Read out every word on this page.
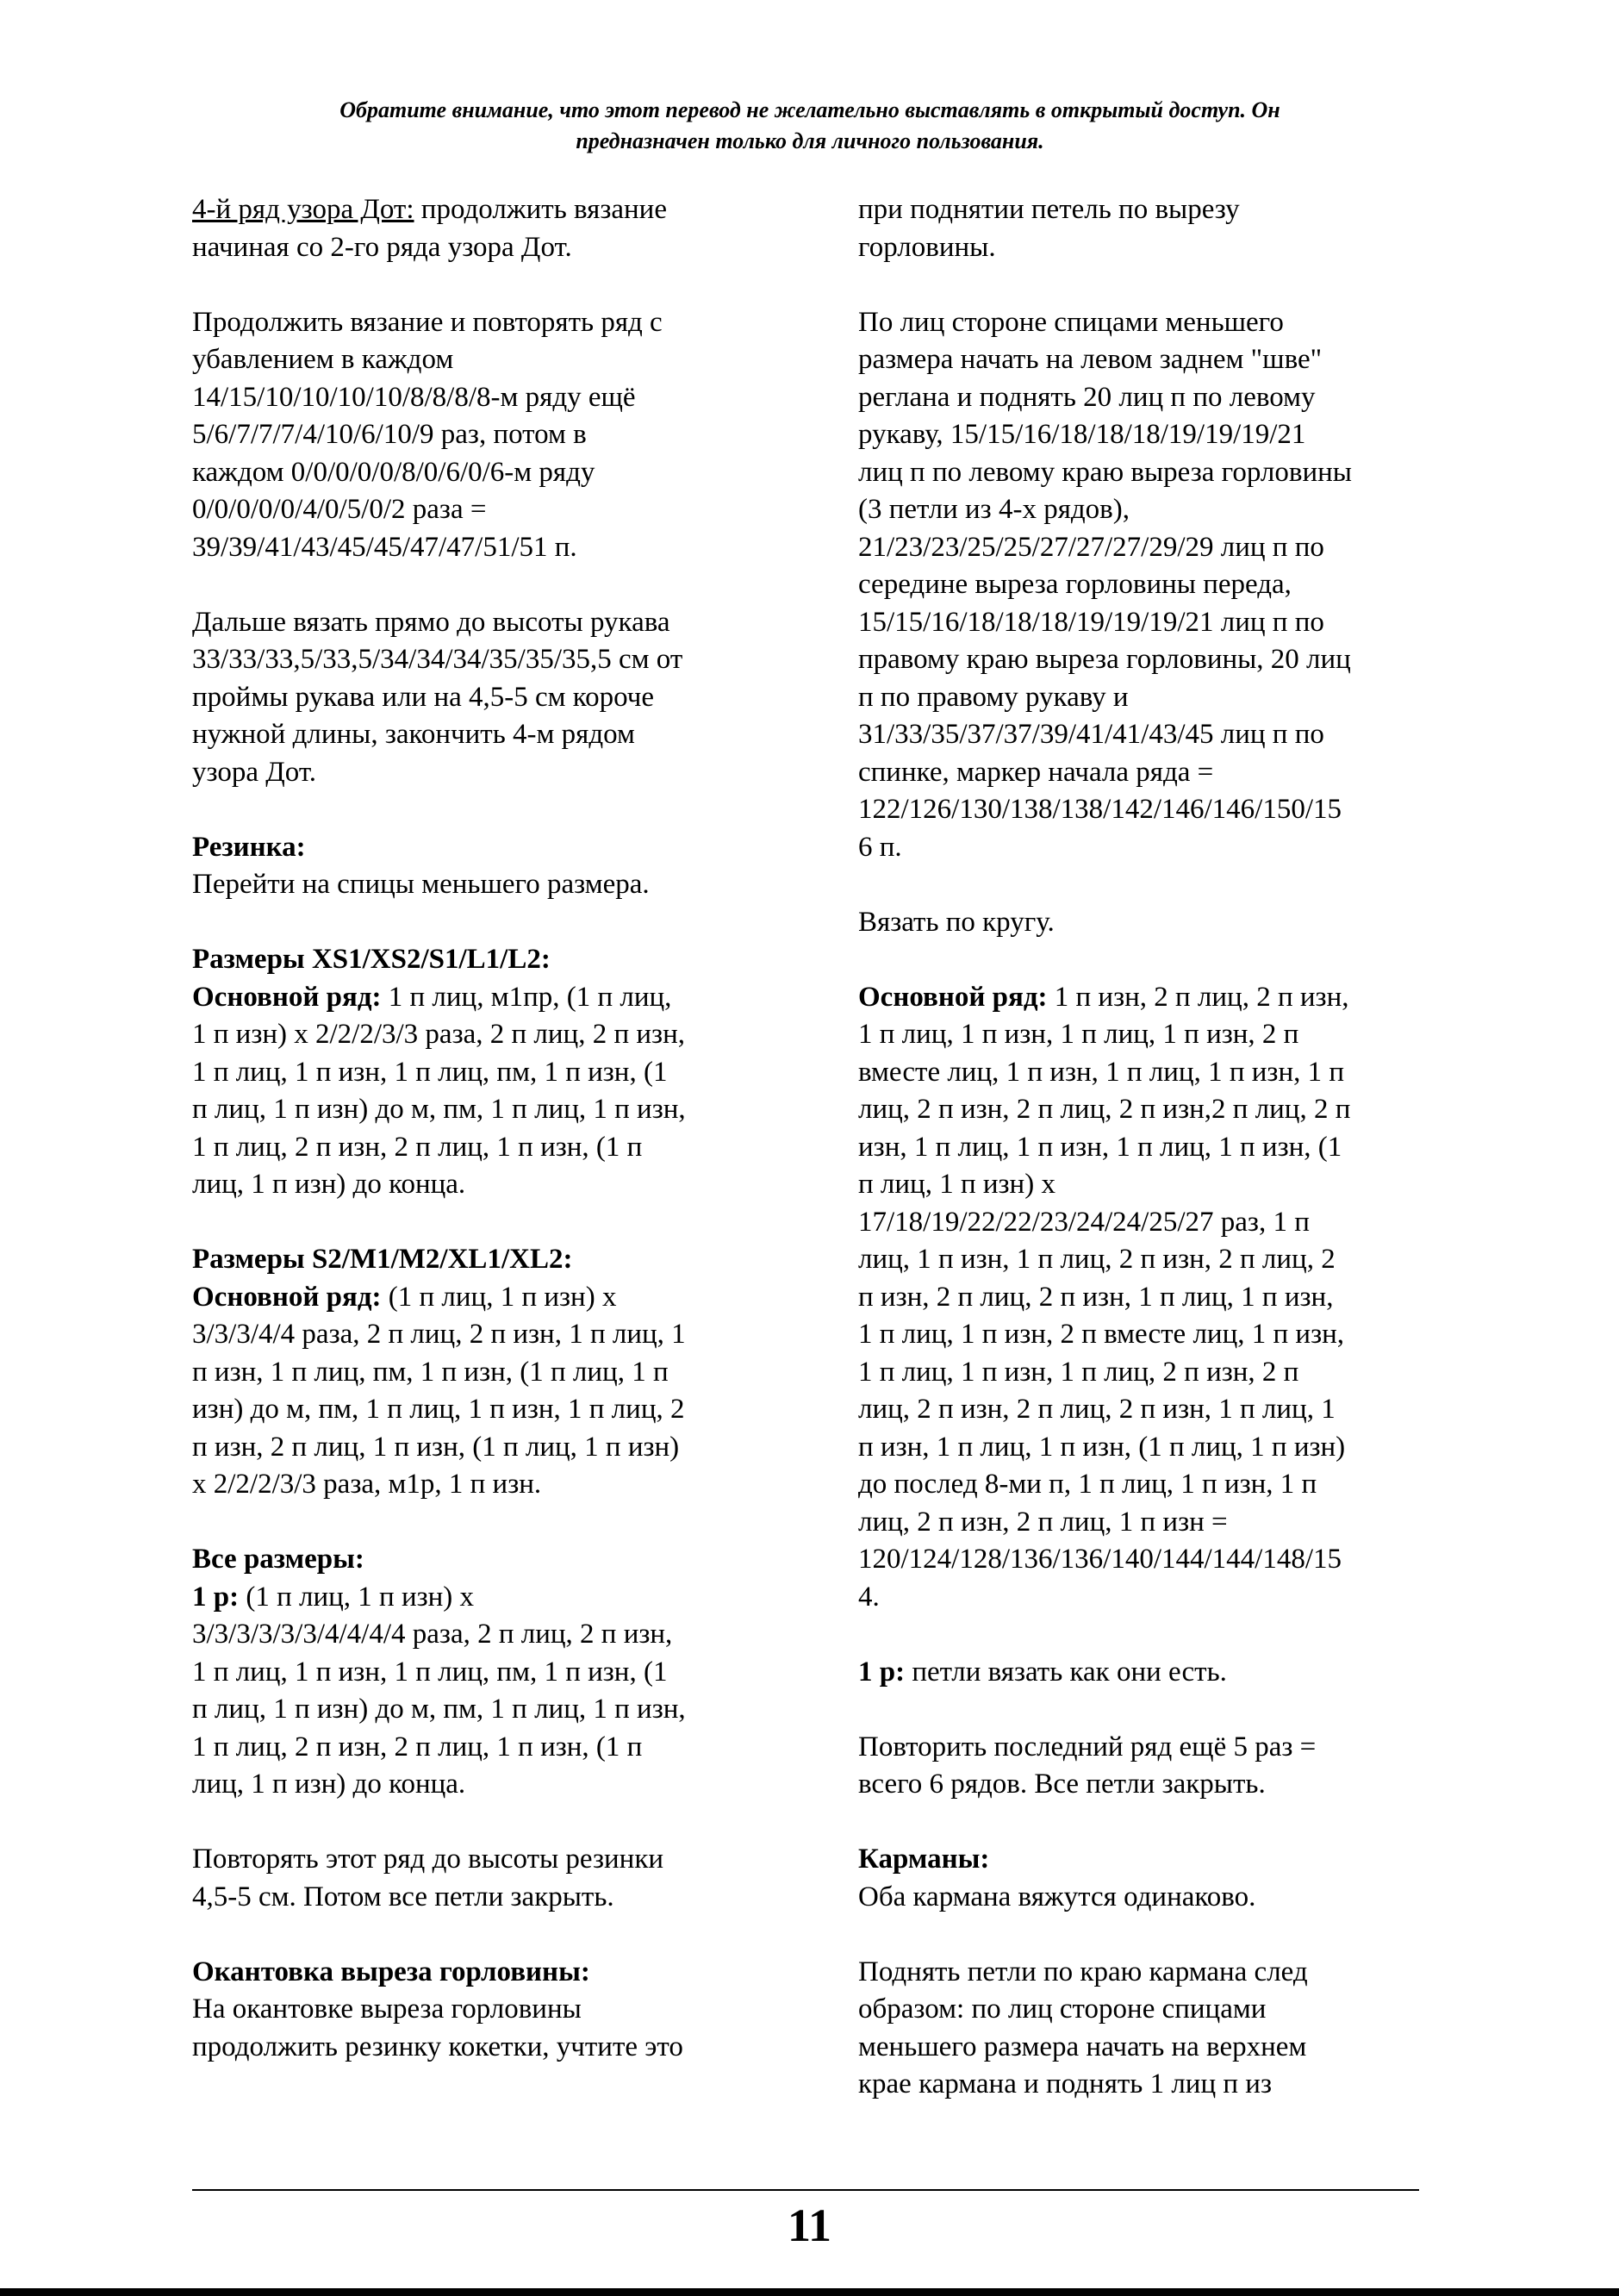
Обратите внимание, что этот перевод не желательно выставлять в открытый доступ. Он
предназначен только для личного пользования.
4-й ряд узора Дот: продолжить вязание
начиная со 2-го ряда узора Дот.
Продолжить вязание и повторять ряд с
убавлением в каждом
14/15/10/10/10/10/8/8/8/8-м ряду ещё
5/6/7/7/7/4/10/6/10/9 раз, потом в
каждом 0/0/0/0/0/8/0/6/0/6-м ряду
0/0/0/0/0/4/0/5/0/2 раза =
39/39/41/43/45/45/47/47/51/51 п.
Дальше вязать прямо до высоты рукава
33/33/33,5/33,5/34/34/34/35/35/35,5 см от
проймы рукава или на 4,5-5 см короче
нужной длины, закончить 4-м рядом
узора Дот.
Резинка:
Перейти на спицы меньшего размера.
Размеры XS1/XS2/S1/L1/L2:
Основной ряд: 1 п лиц, м1пр, (1 п лиц,
1 п изн) х 2/2/2/3/3 раза, 2 п лиц, 2 п изн,
1 п лиц, 1 п изн, 1 п лиц, пм, 1 п изн, (1
п лиц, 1 п изн) до м, пм, 1 п лиц, 1 п изн,
1 п лиц, 2 п изн, 2 п лиц, 1 п изн, (1 п
лиц, 1 п изн) до конца.
Размеры S2/M1/M2/XL1/XL2:
Основной ряд: (1 п лиц, 1 п изн) х
3/3/3/4/4 раза, 2 п лиц, 2 п изн, 1 п лиц, 1
п изн, 1 п лиц, пм, 1 п изн, (1 п лиц, 1 п
изн) до м, пм, 1 п лиц, 1 п изн, 1 п лиц, 2
п изн, 2 п лиц, 1 п изн, (1 п лиц, 1 п изн)
х 2/2/2/3/3 раза, м1р, 1 п изн.
Все размеры:
1 р: (1 п лиц, 1 п изн) х
3/3/3/3/3/3/4/4/4/4 раза, 2 п лиц, 2 п изн,
1 п лиц, 1 п изн, 1 п лиц, пм, 1 п изн, (1
п лиц, 1 п изн) до м, пм, 1 п лиц, 1 п изн,
1 п лиц, 2 п изн, 2 п лиц, 1 п изн, (1 п
лиц, 1 п изн) до конца.
Повторять этот ряд до высоты резинки
4,5-5 см. Потом все петли закрыть.
Окантовка выреза горловины:
На окантовке выреза горловины
продолжить резинку кокетки, учтите это
при поднятии петель по вырезу
горловины.
По лиц стороне спицами меньшего
размера начать на левом заднем "шве"
реглана и поднять 20 лиц п по левому
рукаву, 15/15/16/18/18/18/19/19/19/21
лиц п по левому краю выреза горловины
(3 петли из 4-х рядов),
21/23/23/25/25/27/27/27/29/29 лиц п по
середине выреза горловины переда,
15/15/16/18/18/18/19/19/19/21 лиц п по
правому краю выреза горловины, 20 лиц
п по правому рукаву и
31/33/35/37/37/39/41/41/43/45 лиц п по
спинке, маркер начала ряда =
122/126/130/138/138/142/146/146/150/15
6 п.
Вязать по кругу.
Основной ряд: 1 п изн, 2 п лиц, 2 п изн,
1 п лиц, 1 п изн, 1 п лиц, 1 п изн, 2 п
вместе лиц, 1 п изн, 1 п лиц, 1 п изн, 1 п
лиц, 2 п изн, 2 п лиц, 2 п изн,2 п лиц, 2 п
изн, 1 п лиц, 1 п изн, 1 п лиц, 1 п изн, (1
п лиц, 1 п изн) х
17/18/19/22/22/23/24/24/25/27 раз, 1 п
лиц, 1 п изн, 1 п лиц, 2 п изн, 2 п лиц, 2
п изн, 2 п лиц, 2 п изн, 1 п лиц, 1 п изн,
1 п лиц, 1 п изн, 2 п вместе лиц, 1 п изн,
1 п лиц, 1 п изн, 1 п лиц, 2 п изн, 2 п
лиц, 2 п изн, 2 п лиц, 2 п изн, 1 п лиц, 1
п изн, 1 п лиц, 1 п изн, (1 п лиц, 1 п изн)
до послед 8-ми п, 1 п лиц, 1 п изн, 1 п
лиц, 2 п изн, 2 п лиц, 1 п изн =
120/124/128/136/136/140/144/144/148/15
4.
1 р: петли вязать как они есть.
Повторить последний ряд ещё 5 раз =
всего 6 рядов. Все петли закрыть.
Карманы:
Оба кармана вяжутся одинаково.
Поднять петли по краю кармана след
образом: по лиц стороне спицами
меньшего размера начать на верхнем
крае кармана и поднять 1 лиц п из
11
